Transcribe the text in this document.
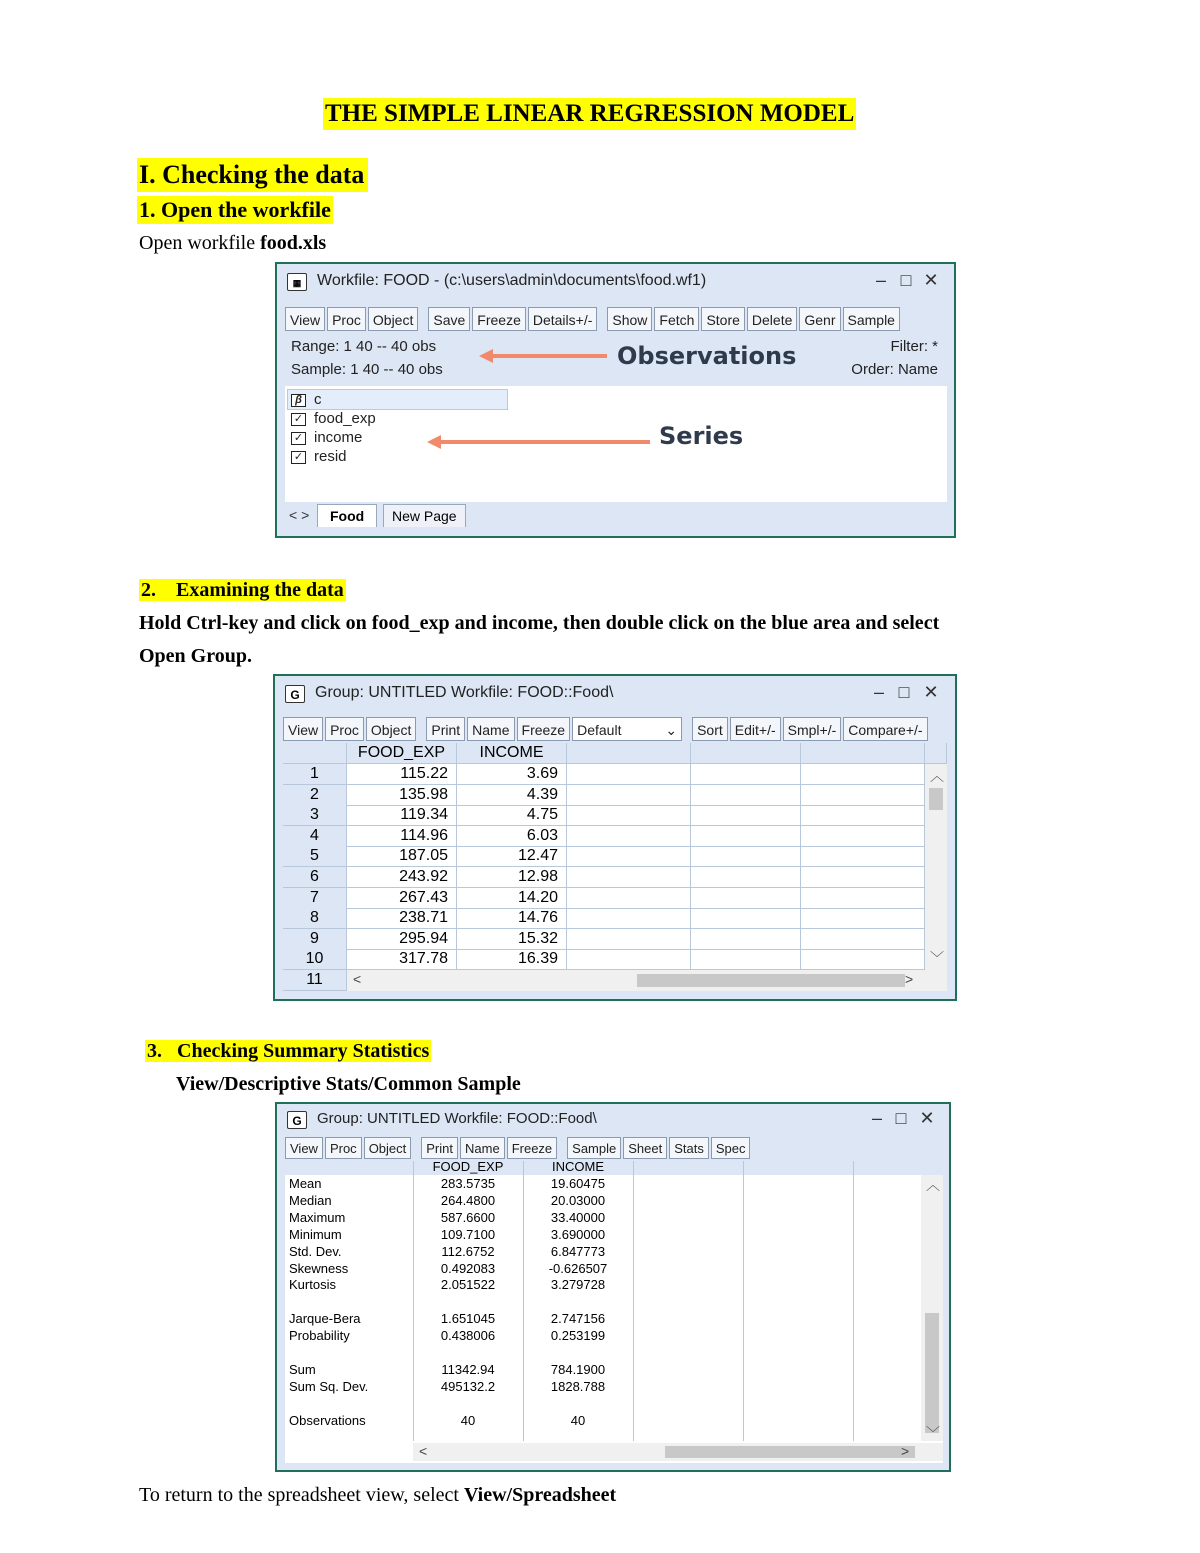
THE SIMPLE LINEAR REGRESSION MODEL
I. Checking the data
1. Open the workfile
Open workfile food.xls
▦ Workfile: FOOD - (c:\users\admin\documents\food.wf1)	– □ ✕
View Proc Object	Save Freeze Details+/-	Show Fetch Store Delete Genr Sample
Range: 1 40 -- 40 obs
Sample: 1 40 -- 40 obs
Filter: *
Order: Name
Observations
β c
✓ food_exp
✓ income
✓ resid
Series
< >	Food	New Page
2. Examining the data
Hold Ctrl-key and click on food_exp and income, then double click on the blue area and select
Open Group.
G Group: UNTITLED Workfile: FOOD::Food\	– □ ✕
View Proc Object	Print Name Freeze Default	⌄	Sort Edit+/- Smpl+/- Compare+/-
FOOD_EXP	INCOME
1	115.22	3.69
2	135.98	4.39
3	119.34	4.75
4	114.96	6.03
5	187.05	12.47
6	243.92	12.98
7	267.43	14.20
8	238.71	14.76
9	295.94	15.32
10	317.78	16.39
11
︿
﹀
<	>
3. Checking Summary Statistics
View/Descriptive Stats/Common Sample
G	Group: UNTITLED Workfile: FOOD::Food\	– □ ✕
View Proc Object	Print Name Freeze	Sample Sheet Stats Spec
FOOD_EXP	INCOME
Mean	283.5735	19.60475
Median	264.4800	20.03000
Maximum	587.6600	33.40000
Minimum	109.7100	3.690000
Std. Dev.	112.6752	6.847773
Skewness	0.492083	-0.626507
Kurtosis	2.051522	3.279728
Jarque-Bera	1.651045	2.747156
Probability	0.438006	0.253199
Sum	11342.94	784.1900
Sum Sq. Dev.	495132.2	1828.788
Observations	40	40
︿
﹀
<	>
To return to the spreadsheet view, select View/Spreadsheet
